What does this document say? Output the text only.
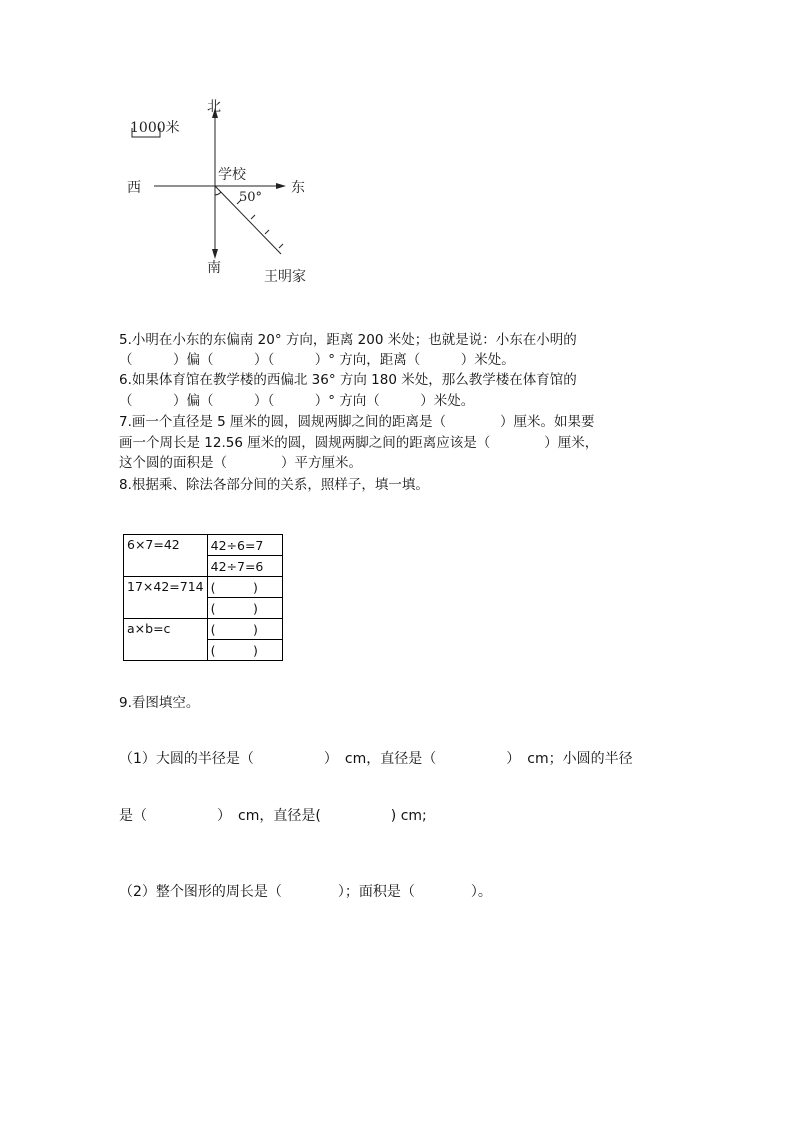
1000米
北
南
西	东
学校
50°
王明家
5.小明在小东的东偏南 20° 方向，距离 200 米处；也就是说：小东在小明的
（　　　）偏（　　　）（　　　）° 方向，距离（　　　）米处。
6.如果体育馆在教学楼的西偏北 36° 方向 180 米处，那么教学楼在体育馆的
（　　　）偏（　　　）（　　　）° 方向（　　　）米处。
7.画一个直径是 5 厘米的圆，圆规两脚之间的距离是（　　　　）厘米。如果要
画一个周长是 12.56 厘米的圆，圆规两脚之间的距离应该是（　　　　）厘米，
这个圆的面积是（　　　　）平方厘米。
8.根据乘、除法各部分间的关系，照样子，填一填。
6×7=42	42÷6=7
	42÷7=6
17×42=714	(　　　)
	(　　　)
a×b=c	(　　　)
	(　　　)
9.看图填空。
（1）大圆的半径是（　　　　　）　cm，直径是（　　　　　）　cm；小圆的半径
是（　　　　　）　cm，直径是(　　　　　) cm;
（2）整个图形的周长是（　　　　）；面积是（　　　　）。
